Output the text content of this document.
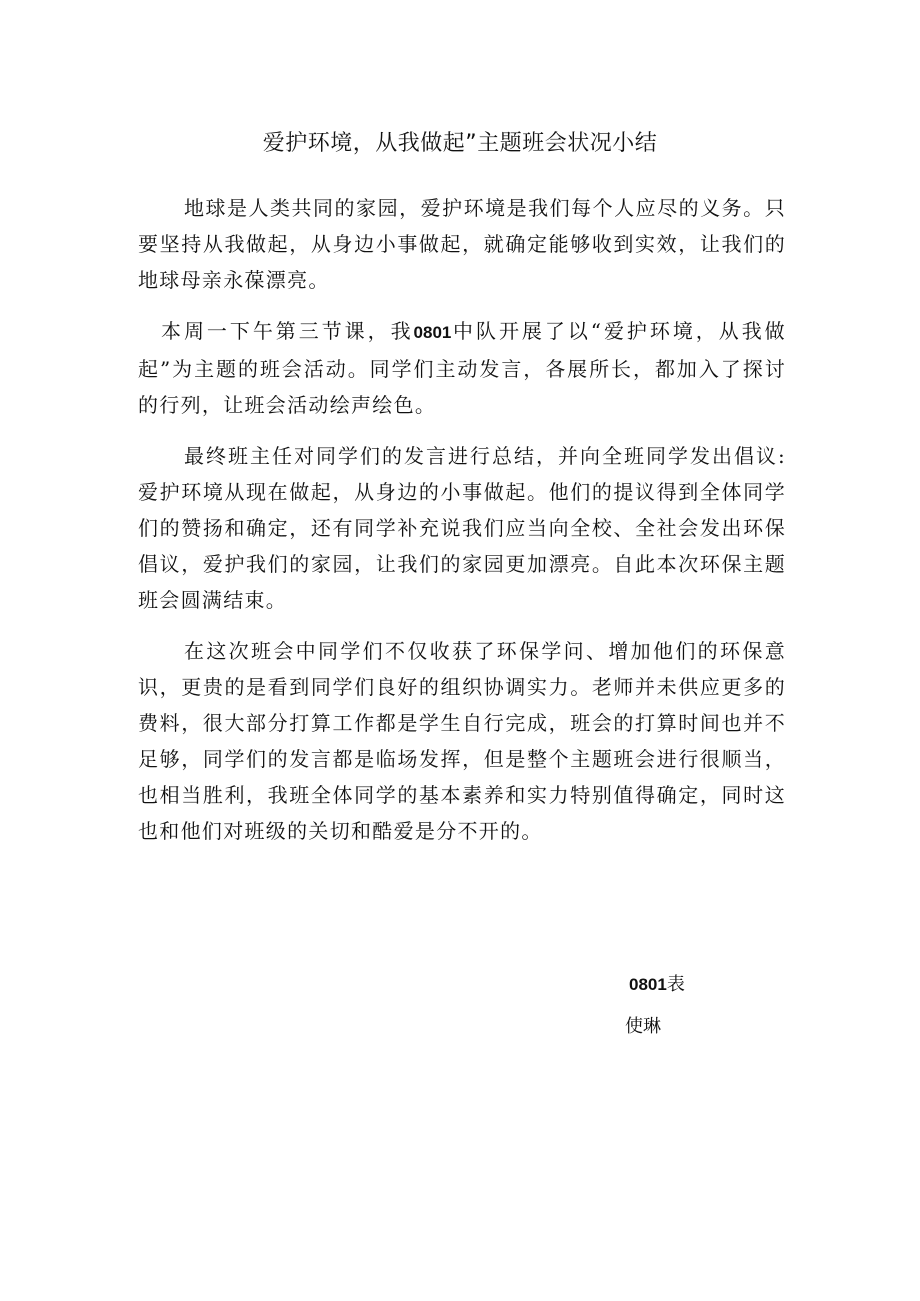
爱护环境，从我做起”主题班会状况小结

地球是人类共同的家园，爱护环境是我们每个人应尽的义务。只要坚持从我做起，从身边小事做起，就确定能够收到实效，让我们的地球母亲永葆漂亮。

本周一下午第三节课，我0801中队开展了以“爱护环境，从我做起”为主题的班会活动。同学们主动发言，各展所长，都加入了探讨的行列，让班会活动绘声绘色。

最终班主任对同学们的发言进行总结，并向全班同学发出倡议:爱护环境从现在做起，从身边的小事做起。他们的提议得到全体同学们的赞扬和确定，还有同学补充说我们应当向全校、全社会发出环保倡议，爱护我们的家园，让我们的家园更加漂亮。自此本次环保主题班会圆满结束。

在这次班会中同学们不仅收获了环保学问、增加他们的环保意识，更贵的是看到同学们良好的组织协调实力。老师并未供应更多的费料，很大部分打算工作都是学生自行完成，班会的打算时间也并不足够，同学们的发言都是临场发挥，但是整个主题班会进行很顺当，也相当胜利，我班全体同学的基本素养和实力特别值得确定，同时这也和他们对班级的关切和酷爱是分不开的。

0801表
使琳
